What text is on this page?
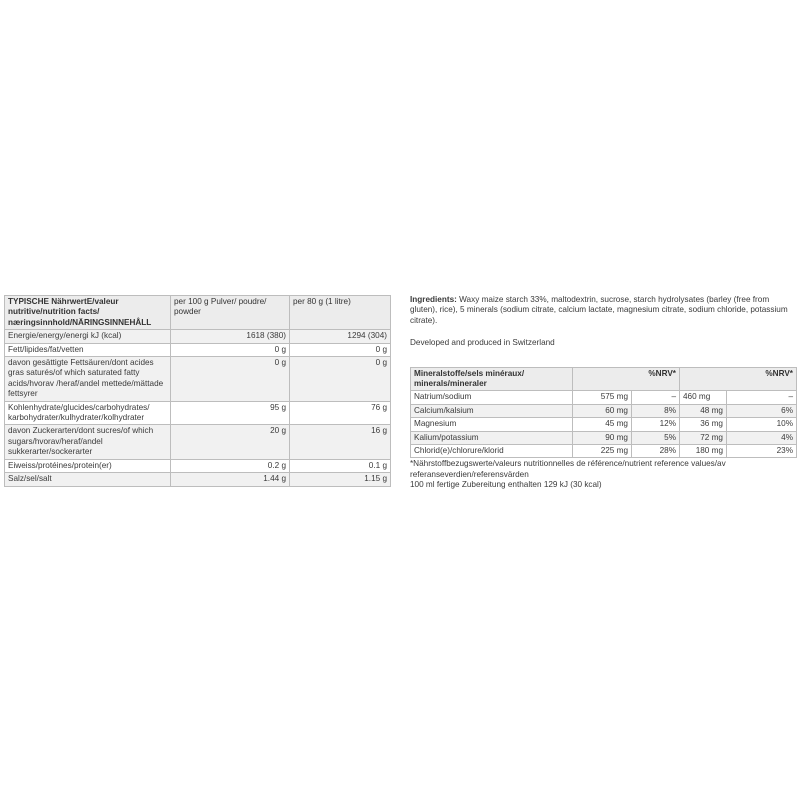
TYPISCHE NährwertE/valeur nutritive/nutrition facts/ næringsinnhold/NÄRINGSINNEHÅLL	per 100 g Pulver/ poudre/ powder	per 80 g (1 litre)
Energie/energy/energi kJ (kcal)	1618 (380)	1294 (304)
Fett/lipides/fat/vetten	0 g	0 g
davon gesättigte Fettsäuren/dont acides gras saturés/of which saturated fatty acids/hvorav /heraf/andel mettede/mättade fettsyrer	0 g	0 g
Kohlenhydrate/glucides/carbohydrates/ karbohydrater/kulhydrater/kolhydrater	95 g	76 g
davon Zuckerarten/dont sucres/of which sugars/hvorav/heraf/andel sukkerarter/sockerarter	20 g	16 g
Eiweiss/protéines/protein(er)	0.2 g	0.1 g
Salz/sel/salt	1.44 g	1.15 g

Ingredients: Waxy maize starch 33%, maltodextrin, sucrose, starch hydrolysates (barley (free from gluten), rice), 5 minerals (sodium citrate, calcium lactate, magnesium citrate, sodium chloride, potassium citrate).

Developed and produced in Switzerland

Mineralstoffe/sels minéraux/ minerals/mineraler		%NRV*		%NRV*
Natrium/sodium	575 mg	–	460 mg	–
Calcium/kalsium	60 mg	8%	48 mg	6%
Magnesium	45 mg	12%	36 mg	10%
Kalium/potassium	90 mg	5%	72 mg	4%
Chlorid(e)/chlorure/klorid	225 mg	28%	180 mg	23%
*Nährstoffbezugswerte/valeurs nutritionnelles de référence/nutrient reference values/av referanseverdien/referensvärden
100 ml fertige Zubereitung enthalten 129 kJ (30 kcal)
